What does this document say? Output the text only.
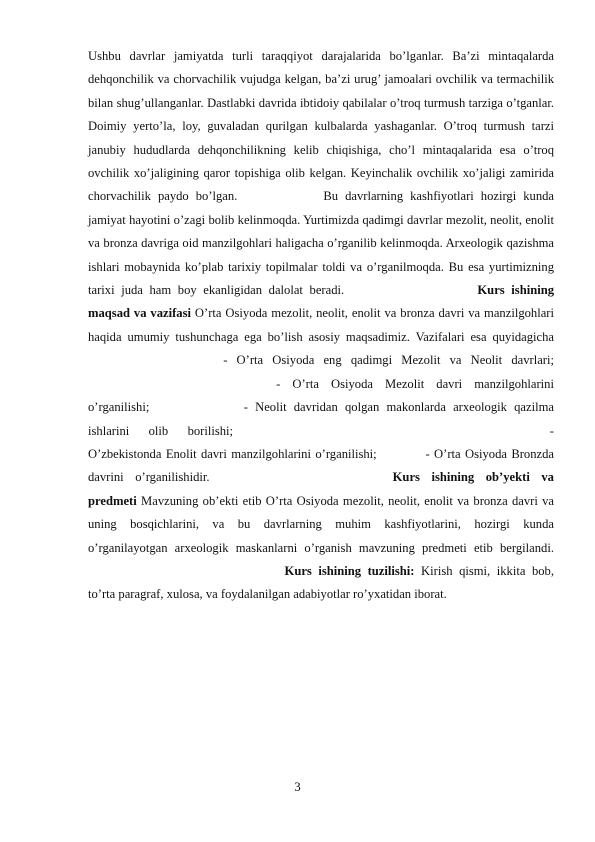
Ushbu davrlar jamiyatda turli taraqqiyot darajalarida bo’lganlar. Ba’zi mintaqalarda dehqonchilik va chorvachilik vujudga kelgan, ba’zi urug’ jamoalari ovchilik va termachilik bilan shug’ullanganlar. Dastlabki davrida ibtidoiy qabilalar o’troq turmush tarziga o’tganlar. Doimiy yerto’la, loy, guvaladan qurilgan kulbalarda yashaganlar. O’troq turmush tarzi janubiy hududlarda dehqonchilikning kelib chiqishiga, cho’l mintaqalarida esa o’troq ovchilik xo’jaligining qaror topishiga olib kelgan. Keyinchalik ovchilik xo’jaligi zamirida chorvachilik paydo bo’lgan.	Bu davrlarning kashfiyotlari hozirgi kunda jamiyat hayotini o’zagi bolib kelinmoqda. Yurtimizda qadimgi davrlar mezolit, neolit, enolit va bronza davriga oid manzilgohlari haligacha o’rganilib kelinmoqda. Arxeologik qazishma ishlari mobaynida ko’plab tarixiy topilmalar toldi va o’rganilmoqda. Bu esa yurtimizning tarixi juda ham boy ekanligidan dalolat beradi.	Kurs ishining maqsad va vazifasi O’rta Osiyoda mezolit, neolit, enolit va bronza davri va manzilgohlari haqida umumiy tushunchaga ega bo’lish asosiy maqsadimiz. Vazifalari esa quyidagicha  - O’rta Osiyoda eng qadimgi Mezolit va Neolit davrlari;  - O’rta Osiyoda Mezolit davri manzilgohlarini o’rganilishi;	- Neolit davridan qolgan makonlarda arxeologik qazilma ishlarini olib borilishi;	- O’zbekistonda Enolit davri manzilgohlarini o’rganilishi;	- O’rta Osiyoda Bronzda davrini o’rganilishidir.	Kurs ishining ob’yekti va predmeti Mavzuning ob’ekti etib O’rta Osiyoda mezolit, neolit, enolit va bronza davri va uning bosqichlarini, va bu davrlarning muhim kashfiyotlarini, hozirgi kunda o’rganilayotgan arxeologik maskanlarni o’rganish mavzuning predmeti etib bergilandi.  Kurs ishining tuzilishi: Kirish qismi, ikkita bob, to’rta paragraf, xulosa, va foydalanilgan adabiyotlar ro’yxatidan iborat.

3
